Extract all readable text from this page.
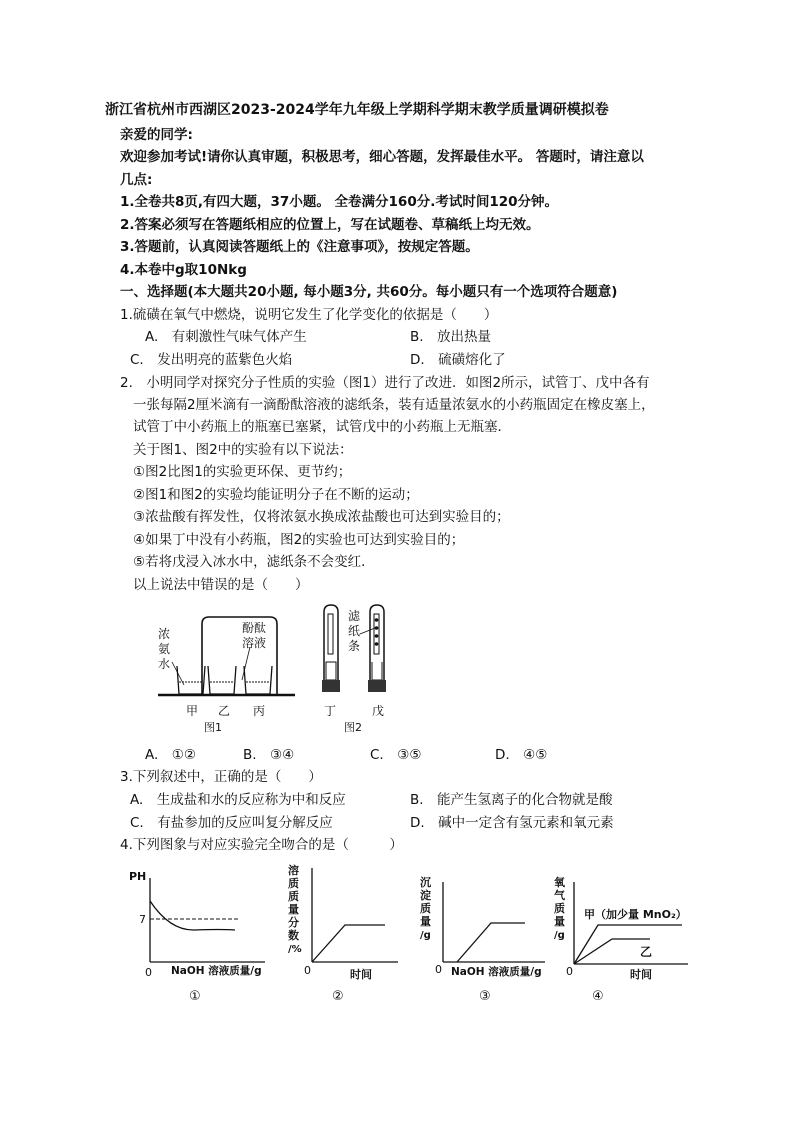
浙江省杭州市西湖区2023-2024学年九年级上学期科学期末教学质量调研模拟卷
亲爱的同学:
欢迎参加考试!请你认真审题，积极思考，细心答题，发挥最佳水平。 答题时，请注意以
几点:
1.全卷共8页,有四大题，37小题。 全卷满分160分.考试时间120分钟。
2.答案必须写在答题纸相应的位置上，写在试题卷、草稿纸上均无效。
3.答题前，认真阅读答题纸上的《注意事项》，按规定答题。
4.本卷中g取10Nkg
一、选择题(本大题共20小题, 每小题3分, 共60分。每小题只有一个选项符合题意)
1.硫磺在氧气中燃烧，说明它发生了化学变化的依据是（　　）
A.　有刺激性气味气体产生	B.　放出热量
C.　发出明亮的蓝紫色火焰	D.　硫磺熔化了
2.　小明同学对探究分子性质的实验（图1）进行了改进．如图2所示，试管丁、戊中各有
一张每隔2厘米滴有一滴酚酞溶液的滤纸条，装有适量浓氨水的小药瓶固定在橡皮塞上，
试管丁中小药瓶上的瓶塞已塞紧，试管戊中的小药瓶上无瓶塞．
关于图1、图2中的实验有以下说法：
①图2比图1的实验更环保、更节约；
②图1和图2的实验均能证明分子在不断的运动；
③浓盐酸有挥发性，仅将浓氨水换成浓盐酸也可达到实验目的；
④如果丁中没有小药瓶，图2的实验也可达到实验目的；
⑤若将戊浸入冰水中，滤纸条不会变红．
以上说法中错误的是（　　）
浓
氨
水
酚酞
溶液
甲 乙 丙
图1
滤
纸
条
丁	戊
图2
A.　①②	B.　③④	C.　③⑤	D.　④⑤
3.下列叙述中，正确的是（　　）
A.　生成盐和水的反应称为中和反应	B.　能产生氢离子的化合物就是酸
C.　有盐参加的反应叫复分解反应	D.　碱中一定含有氢元素和氧元素
4.下列图象与对应实验完全吻合的是（　　　）
PH
7
0 NaOH 溶液质量/g
①
溶
质
质
量
分
数
/%
0	时间
②
沉
淀
质
量
/g
0 NaOH 溶液质量/g
③
氧
气
质
量
/g
甲（加少量 MnO₂）
乙
0	时间
④
